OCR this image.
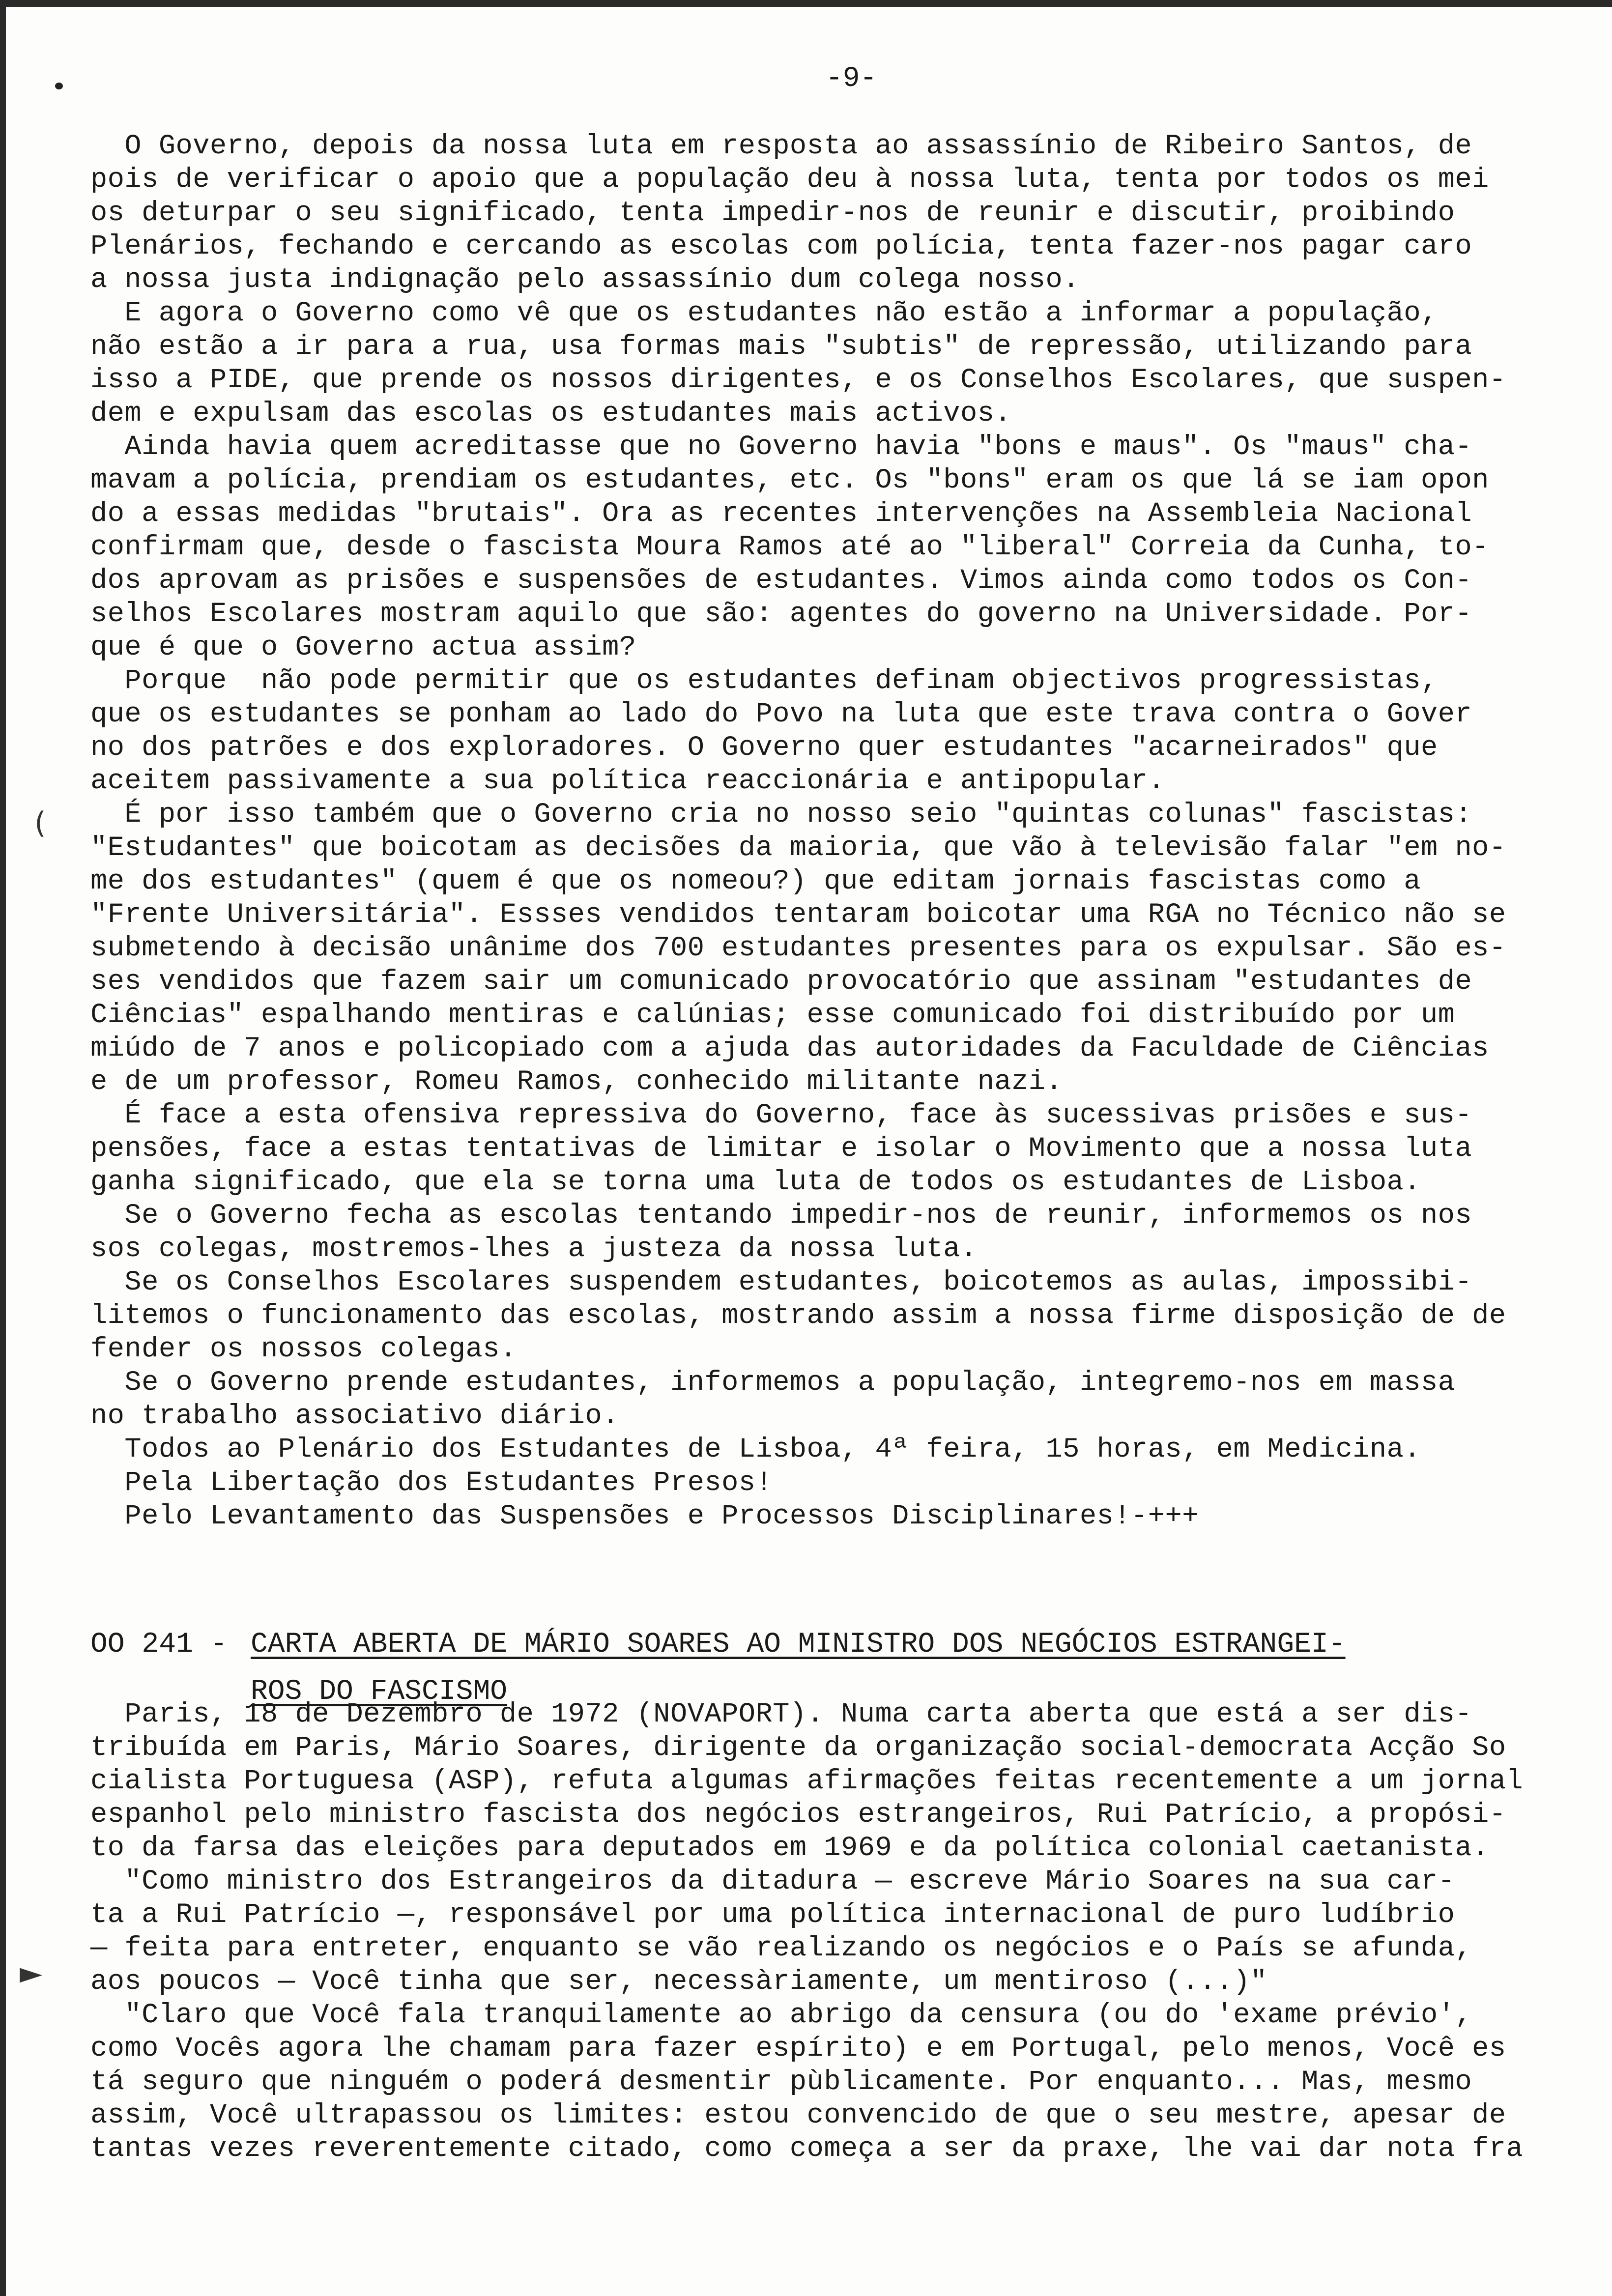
(
►
-9-
O Governo, depois da nossa luta em resposta ao assassínio de Ribeiro Santos, de
pois de verificar o apoio que a população deu à nossa luta, tenta por todos os mei
os deturpar o seu significado, tenta impedir-nos de reunir e discutir, proibindo
Plenários, fechando e cercando as escolas com polícia, tenta fazer-nos pagar caro
a nossa justa indignação pelo assassínio dum colega nosso.
E agora o Governo como vê que os estudantes não estão a informar a população,
não estão a ir para a rua, usa formas mais "subtis" de repressão, utilizando para
isso a PIDE, que prende os nossos dirigentes, e os Conselhos Escolares, que suspen-
dem e expulsam das escolas os estudantes mais activos.
Ainda havia quem acreditasse que no Governo havia "bons e maus". Os "maus" cha-
mavam a polícia, prendiam os estudantes, etc. Os "bons" eram os que lá se iam opon
do a essas medidas "brutais". Ora as recentes intervenções na Assembleia Nacional
confirmam que, desde o fascista Moura Ramos até ao "liberal" Correia da Cunha, to-
dos aprovam as prisões e suspensões de estudantes. Vimos ainda como todos os Con-
selhos Escolares mostram aquilo que são: agentes do governo na Universidade. Por-
que é que o Governo actua assim?
Porque  não pode permitir que os estudantes definam objectivos progressistas,
que os estudantes se ponham ao lado do Povo na luta que este trava contra o Gover
no dos patrões e dos exploradores. O Governo quer estudantes "acarneirados" que
aceitem passivamente a sua política reaccionária e antipopular.
É por isso também que o Governo cria no nosso seio "quintas colunas" fascistas:
"Estudantes" que boicotam as decisões da maioria, que vão à televisão falar "em no-
me dos estudantes" (quem é que os nomeou?) que editam jornais fascistas como a
"Frente Universitária". Essses vendidos tentaram boicotar uma RGA no Técnico não se
submetendo à decisão unânime dos 700 estudantes presentes para os expulsar. São es-
ses vendidos que fazem sair um comunicado provocatório que assinam "estudantes de
Ciências" espalhando mentiras e calúnias; esse comunicado foi distribuído por um
miúdo de 7 anos e policopiado com a ajuda das autoridades da Faculdade de Ciências
e de um professor, Romeu Ramos, conhecido militante nazi.
É face a esta ofensiva repressiva do Governo, face às sucessivas prisões e sus-
pensões, face a estas tentativas de limitar e isolar o Movimento que a nossa luta
ganha significado, que ela se torna uma luta de todos os estudantes de Lisboa.
Se o Governo fecha as escolas tentando impedir-nos de reunir, informemos os nos
sos colegas, mostremos-lhes a justeza da nossa luta.
Se os Conselhos Escolares suspendem estudantes, boicotemos as aulas, impossibi-
litemos o funcionamento das escolas, mostrando assim a nossa firme disposição de de
fender os nossos colegas.
Se o Governo prende estudantes, informemos a população, integremo-nos em massa
no trabalho associativo diário.
Todos ao Plenário dos Estudantes de Lisboa, 4ª feira, 15 horas, em Medicina.
Pela Libertação dos Estudantes Presos!
Pelo Levantamento das Suspensões e Processos Disciplinares!-+++
OO 241 - CARTA ABERTA DE MÁRIO SOARES AO MINISTRO DOS NEGÓCIOS ESTRANGEI-
ROS DO FASCISMO
Paris, 18 de Dezembro de 1972 (NOVAPORT). Numa carta aberta que está a ser dis-
tribuída em Paris, Mário Soares, dirigente da organização social-democrata Acção So
cialista Portuguesa (ASP), refuta algumas afirmações feitas recentemente a um jornal
espanhol pelo ministro fascista dos negócios estrangeiros, Rui Patrício, a propósi-
to da farsa das eleições para deputados em 1969 e da política colonial caetanista.
"Como ministro dos Estrangeiros da ditadura — escreve Mário Soares na sua car-
ta a Rui Patrício —, responsável por uma política internacional de puro ludíbrio
— feita para entreter, enquanto se vão realizando os negócios e o País se afunda,
aos poucos — Você tinha que ser, necessàriamente, um mentiroso (...)"
"Claro que Você fala tranquilamente ao abrigo da censura (ou do 'exame prévio',
como Vocês agora lhe chamam para fazer espírito) e em Portugal, pelo menos, Você es
tá seguro que ninguém o poderá desmentir pùblicamente. Por enquanto... Mas, mesmo
assim, Você ultrapassou os limites: estou convencido de que o seu mestre, apesar de
tantas vezes reverentemente citado, como começa a ser da praxe, lhe vai dar nota fra
